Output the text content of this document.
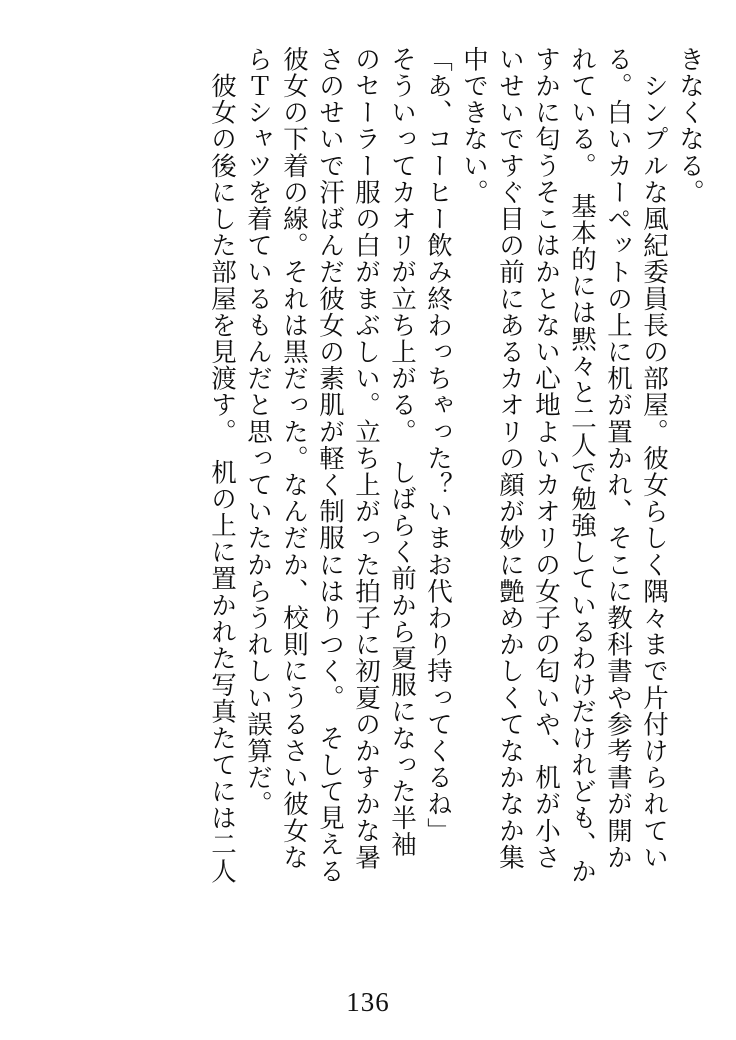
きなくなる。
　シンプルな風紀委員長の部屋。彼女らしく隅々まで片付けられてい
る。白いカーペットの上に机が置かれ、そこに教科書や参考書が開か
れている。　基本的には黙々と二人で勉強しているわけだけれども、か
すかに匂うそこはかとない心地よいカオリの女子の匂いや、机が小さ
いせいですぐ目の前にあるカオリの顔が妙に艶めかしくてなかなか集
中できない。
「あ、コーヒー飲み終わっちゃった？いまお代わり持ってくるね」
そういってカオリが立ち上がる。　しばらく前から夏服になった半袖
のセーラー服の白がまぶしい。立ち上がった拍子に初夏のかすかな暑
さのせいで汗ばんだ彼女の素肌が軽く制服にはりつく。　そして見える
彼女の下着の線。それは黒だった。なんだか、校則にうるさい彼女な
らＴシャツを着ているもんだと思っていたからうれしい誤算だ。
　彼女の後にした部屋を見渡す。　机の上に置かれた写真たてには二人
136
